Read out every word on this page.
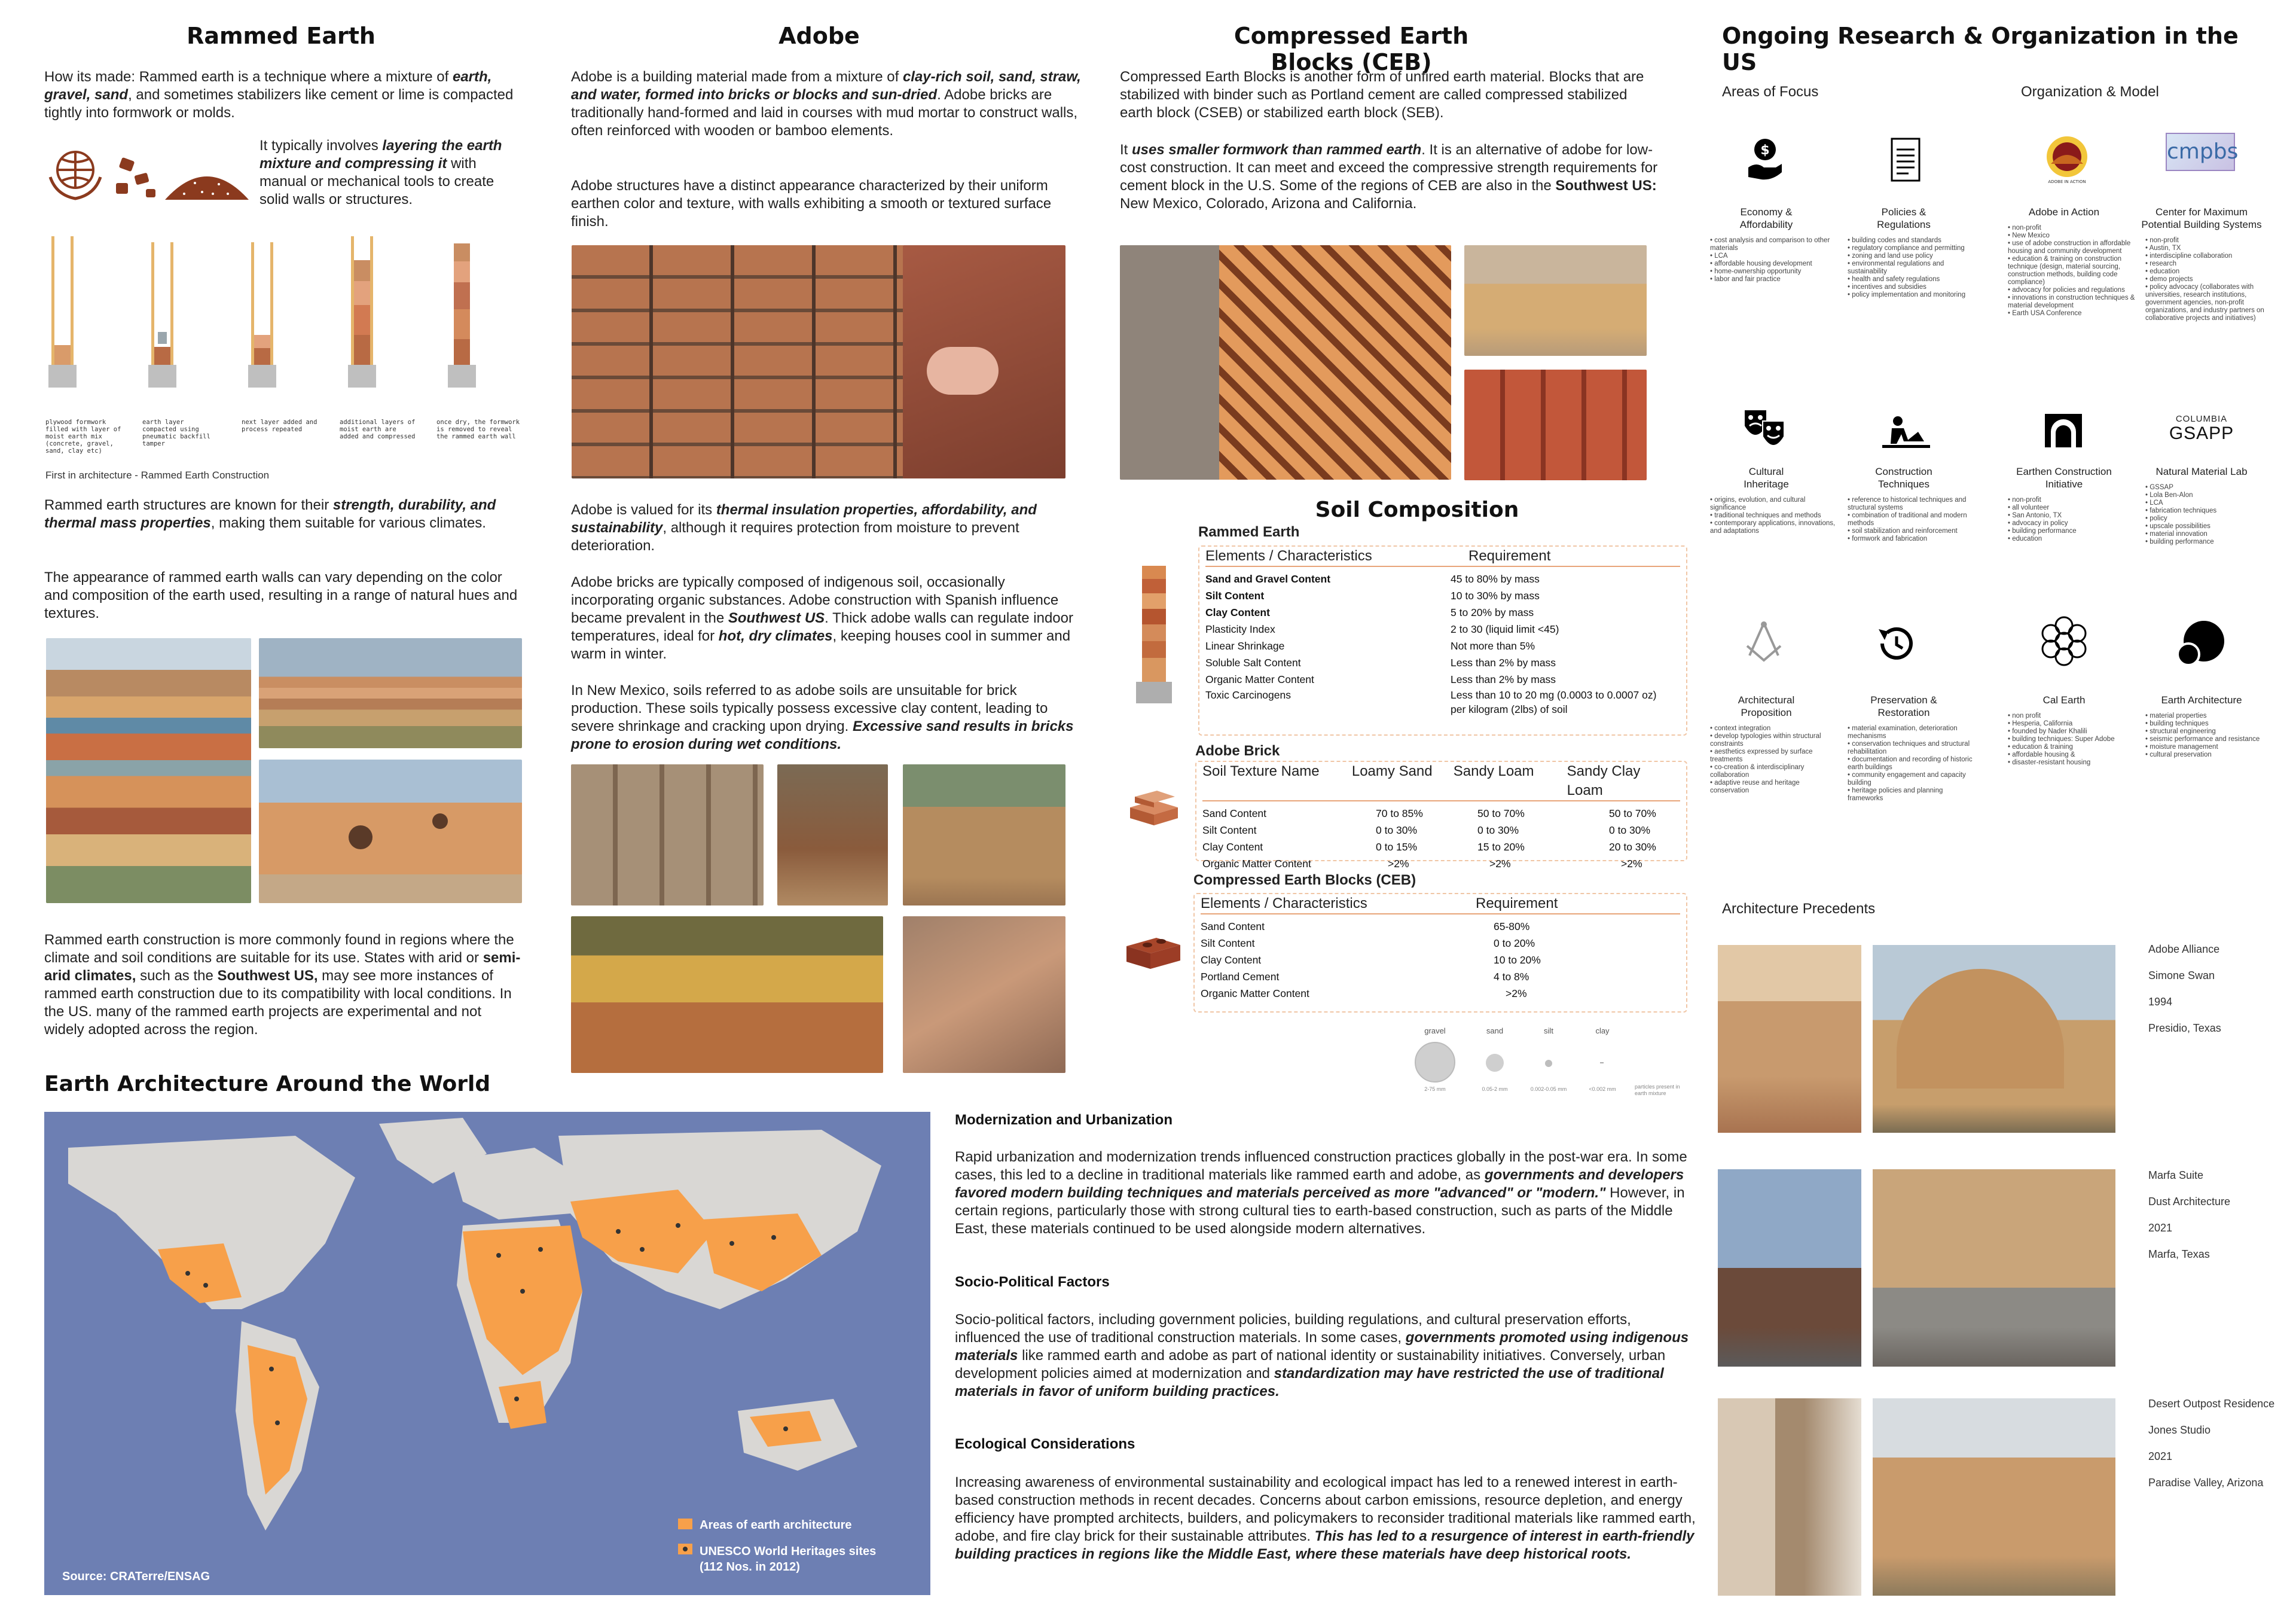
Rammed Earth
How its made: Rammed earth is a technique where a mixture of earth, gravel, sand, and sometimes stabilizers like cement or lime is compacted tightly into formwork or molds.
It typically involves layering the earth mixture and compressing it with manual or mechanical tools to create solid walls or structures.
plywood formwork filled with layer of moist earth mix (concrete, gravel, sand, clay etc)
earth layer compacted using pneumatic backfill tamper
next layer added and process repeated
additional layers of moist earth are added and compressed
once dry, the formwork is removed to reveal the rammed earth wall
First in architecture - Rammed Earth Construction
Rammed earth structures are known for their strength, durability, and thermal mass properties, making them suitable for various climates.
The appearance of rammed earth walls can vary depending on the color and composition of the earth used, resulting in a range of natural hues and textures.
Rammed earth construction is more commonly found in regions where the climate and soil conditions are suitable for its use. States with arid or semi-arid climates, such as the Southwest US, may see more instances of rammed earth construction due to its compatibility with local conditions. In the US. many of the rammed earth projects are experimental and not widely adopted across the region.
Adobe
Adobe is a building material made from a mixture of clay-rich soil, sand, straw, and water, formed into bricks or blocks and sun-dried. Adobe bricks are traditionally hand-formed and laid in courses with mud mortar to construct walls, often reinforced with wooden or bamboo elements.
Adobe structures have a distinct appearance characterized by their uniform earthen color and texture, with walls exhibiting a smooth or textured surface finish.
Adobe is valued for its thermal insulation properties, affordability, and sustainability, although it requires protection from moisture to prevent deterioration.
Adobe bricks are typically composed of indigenous soil, occasionally incorporating organic substances. Adobe construction with Spanish influence became prevalent in the Southwest US. Thick adobe walls can regulate indoor temperatures, ideal for hot, dry climates, keeping houses cool in summer and warm in winter.
In New Mexico, soils referred to as adobe soils are unsuitable for brick production. These soils typically possess excessive clay content, leading to severe shrinkage and cracking upon drying. Excessive sand results in bricks prone to erosion during wet conditions.
Compressed Earth Blocks (CEB)
Compressed Earth Blocks is another form of unfired earth material. Blocks that are stabilized with binder such as Portland cement are called compressed stabilized earth block (CSEB) or stabilized earth block (SEB).
It uses smaller formwork than rammed earth. It is an alternative of adobe for low-cost construction. It can meet and exceed the compressive strength requirements for cement block in the U.S. Some of the regions of CEB are also in the Southwest US: New Mexico, Colorado, Arizona and California.
Soil Composition
Rammed Earth
Elements / Characteristics	Requirement
Sand and Gravel Content	45 to 80% by mass
Silt Content	10 to 30% by mass
Clay Content	5 to 20% by mass
Plasticity Index	2 to 30 (liquid limit <45)
Linear Shrinkage	Not more than 5%
Soluble Salt Content	Less than 2% by mass
Organic Matter Content	Less than 2% by mass
Toxic Carcinogens	Less than 10 to 20 mg (0.0003 to 0.0007 oz) per kilogram (2lbs) of soil
Adobe Brick
Soil Texture Name	Loamy Sand	Sandy Loam	Sandy Clay Loam
Sand Content	70 to 85%	50 to 70%	50 to 70%
Silt Content	0 to 30%	0 to 30%	0 to 30%
Clay Content	0 to 15%	15 to 20%	20 to 30%
Organic Matter Content	>2%	>2%	>2%
Compressed Earth Blocks (CEB)
Elements / Characteristics	Requirement
Sand Content	65-80%
Silt Content	0 to 20%
Clay Content	10 to 20%
Portland Cement	4 to 8%
Organic Matter Content	>2%
gravel
2-75 mm
sand
0.05-2 mm
silt
0.002-0.05 mm
clay
<0.002 mm	particles present in earth mixture
Ongoing Research & Organization in the US
Areas of Focus	Organization & Model
$
ADOBE IN ACTION
cmpbs
Economy &
Affordability
• cost analysis and comparison to other materials
• LCA
• affordable housing development
• home-ownership opportunity
• labor and fair practice
Policies &
Regulations
• building codes and standards
• regulatory compliance and permitting
• zoning and land use policy
• environmental regulations and sustainability
• health and safety regulations
• incentives and subsidies
• policy implementation and monitoring
Adobe in Action
• non-profit
• New Mexico
• use of adobe construction in affordable housing and community development
• education & training on construction technique (design, material sourcing, construction methods, building code compliance)
• advocacy for policies and regulations
• innovations in construction techniques & material development
• Earth USA Conference
Center for Maximum
Potential Building Systems
• non-profit
• Austin, TX
• interdiscipline collaboration
• research
• education
• demo projects
• policy advocacy (collaborates with universities, research institutions, government agencies, non-profit organizations, and industry partners on collaborative projects and initiatives)
COLUMBIA
GSAPP
Cultural
Inheritage
• origins, evolution, and cultural significance
• traditional techniques and methods
• contemporary applications, innovations, and adaptations
Construction
Techniques
• reference to historical techniques and structural systems
• combination of traditional and modern methods
• soil stabilization and reinforcement
• formwork and fabrication
Earthen Construction
Initiative
• non-profit
• all volunteer
• San Antonio, TX
• advocacy in policy
• building performance
• education
Natural Material Lab
• GSSAP
• Lola Ben-Alon
• LCA
• fabrication techniques
• policy
• upscale possibilities
• material innovation
• building performance
Architectural
Proposition
• context integration
• develop typologies within structural constraints
• aesthetics expressed by surface treatments
• co-creation & interdisciplinary collaboration
• adaptive reuse and heritage conservation
Preservation &
Restoration
• material examination, deterioration mechanisms
• conservation techniques and structural rehabilitation
• documentation and recording of historic earth buildings
• community engagement and capacity building
• heritage policies and planning frameworks
Cal Earth
• non profit
• Hesperia, California
• founded by Nader Khalili
• building techniques: Super Adobe
• education & training
• affordable housing &
• disaster-resistant housing
Earth Architecture
• material properties
• building techniques
• structural engineering
• seismic performance and resistance
• moisture management
• cultural preservation
Architecture Precedents
Adobe Alliance
Simone Swan
1994
Presidio, Texas
Marfa Suite
Dust Architecture
2021
Marfa, Texas
Desert Outpost Residence
Jones Studio
2021
Paradise Valley, Arizona
Earth Architecture Around the World
Areas of earth architecture
UNESCO World Heritages sites
(112 Nos. in 2012)
Source: CRATerre/ENSAG
Modernization and Urbanization
Rapid urbanization and modernization trends influenced construction practices globally in the post-war era. In some cases, this led to a decline in traditional materials like rammed earth and adobe, as governments and developers favored modern building techniques and materials perceived as more "advanced" or "modern." However, in certain regions, particularly those with strong cultural ties to earth-based construction, such as parts of the Middle East, these materials continued to be used alongside modern alternatives.
Socio-Political Factors
Socio-political factors, including government policies, building regulations, and cultural preservation efforts, influenced the use of traditional construction materials. In some cases, governments promoted using indigenous materials like rammed earth and adobe as part of national identity or sustainability initiatives. Conversely, urban development policies aimed at modernization and standardization may have restricted the use of traditional materials in favor of uniform building practices.
Ecological Considerations
Increasing awareness of environmental sustainability and ecological impact has led to a renewed interest in earth-based construction methods in recent decades. Concerns about carbon emissions, resource depletion, and energy efficiency have prompted architects, builders, and policymakers to reconsider traditional materials like rammed earth, adobe, and fire clay brick for their sustainable attributes. This has led to a resurgence of interest in earth-friendly building practices in regions like the Middle East, where these materials have deep historical roots.
